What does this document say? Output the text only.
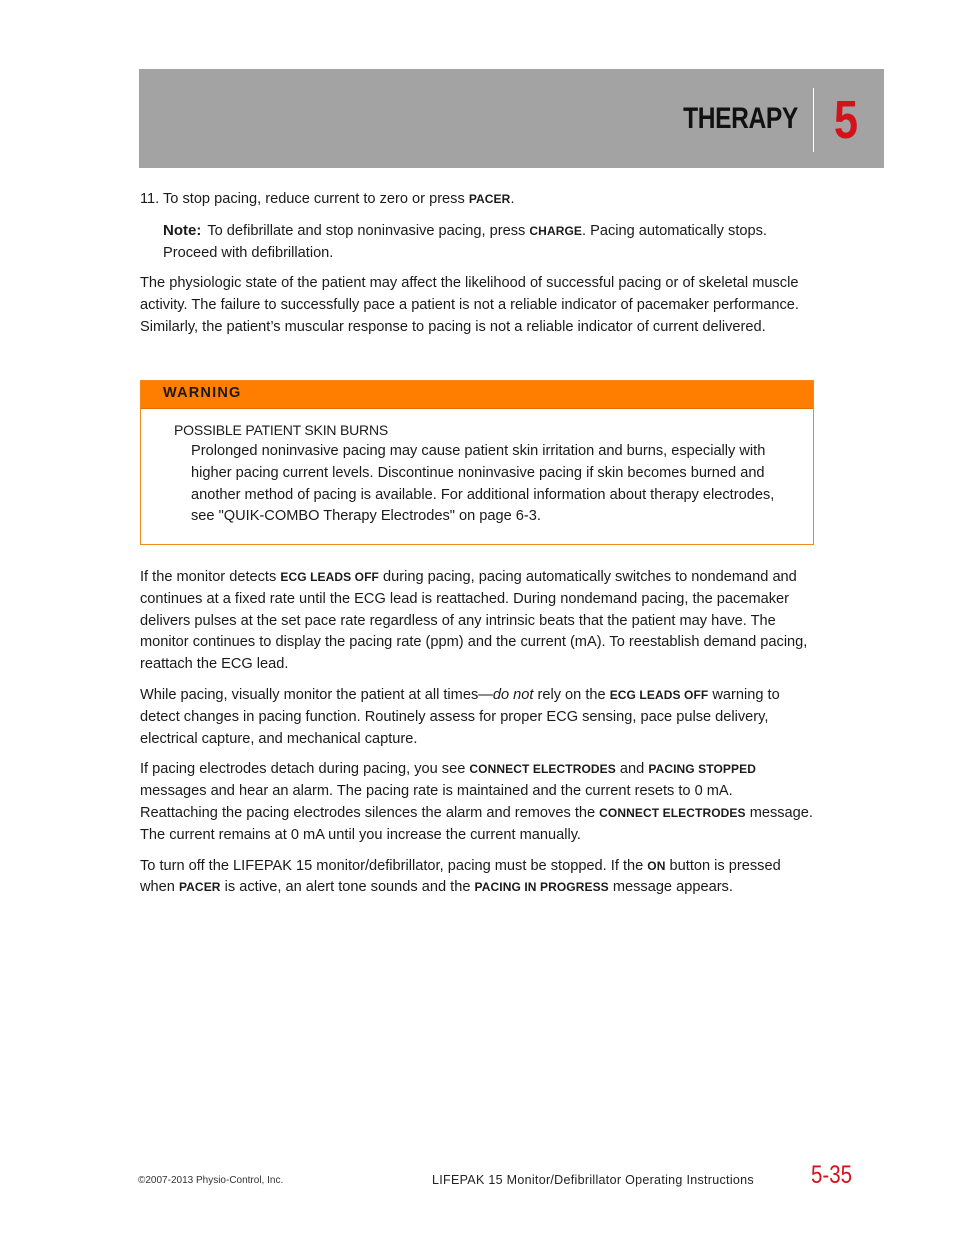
THERAPY 5

11. To stop pacing, reduce current to zero or press PACER.

Note: To defibrillate and stop noninvasive pacing, press CHARGE. Pacing automatically stops. Proceed with defibrillation.

The physiologic state of the patient may affect the likelihood of successful pacing or of skeletal muscle activity. The failure to successfully pace a patient is not a reliable indicator of pacemaker performance. Similarly, the patient’s muscular response to pacing is not a reliable indicator of current delivered.

WARNING
POSSIBLE PATIENT SKIN BURNS
Prolonged noninvasive pacing may cause patient skin irritation and burns, especially with higher pacing current levels. Discontinue noninvasive pacing if skin becomes burned and another method of pacing is available. For additional information about therapy electrodes, see "QUIK-COMBO Therapy Electrodes" on page 6-3.

If the monitor detects ECG LEADS OFF during pacing, pacing automatically switches to nondemand and continues at a fixed rate until the ECG lead is reattached. During nondemand pacing, the pacemaker delivers pulses at the set pace rate regardless of any intrinsic beats that the patient may have. The monitor continues to display the pacing rate (ppm) and the current (mA). To reestablish demand pacing, reattach the ECG lead.

While pacing, visually monitor the patient at all times—do not rely on the ECG LEADS OFF warning to detect changes in pacing function. Routinely assess for proper ECG sensing, pace pulse delivery, electrical capture, and mechanical capture.

If pacing electrodes detach during pacing, you see CONNECT ELECTRODES and PACING STOPPED messages and hear an alarm. The pacing rate is maintained and the current resets to 0 mA. Reattaching the pacing electrodes silences the alarm and removes the CONNECT ELECTRODES message. The current remains at 0 mA until you increase the current manually.

To turn off the LIFEPAK 15 monitor/defibrillator, pacing must be stopped. If the ON button is pressed when PACER is active, an alert tone sounds and the PACING IN PROGRESS message appears.

©2007-2013 Physio-Control, Inc.	LIFEPAK 15 Monitor/Defibrillator Operating Instructions 5-35
